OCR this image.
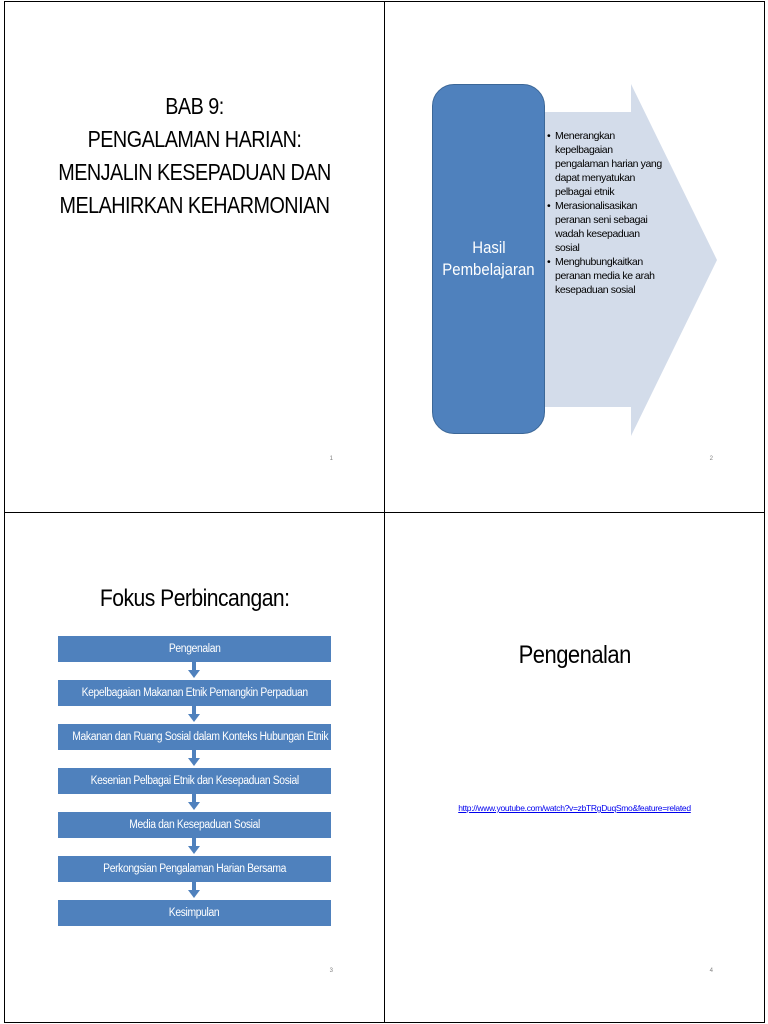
BAB 9:
PENGALAMAN HARIAN:
MENJALIN KESEPADUAN DAN
MELAHIRKAN KEHARMONIAN
1
Hasil
Pembelajaran
• Menerangkan kepelbagaian pengalaman harian yang dapat menyatukan pelbagai etnik
• Merasionalisasikan peranan seni sebagai wadah kesepaduan sosial
• Menghubungkaitkan peranan media ke arah kesepaduan sosial
2
Fokus Perbincangan:
Pengenalan
Kepelbagaian Makanan Etnik Pemangkin Perpaduan
Makanan dan Ruang Sosial dalam Konteks Hubungan Etnik
Kesenian Pelbagai Etnik dan Kesepaduan Sosial
Media dan Kesepaduan Sosial
Perkongsian Pengalaman Harian Bersama
Kesimpulan
3
Pengenalan
http://www.youtube.com/watch?v=zbTRgDuqSmo&feature=related
4
